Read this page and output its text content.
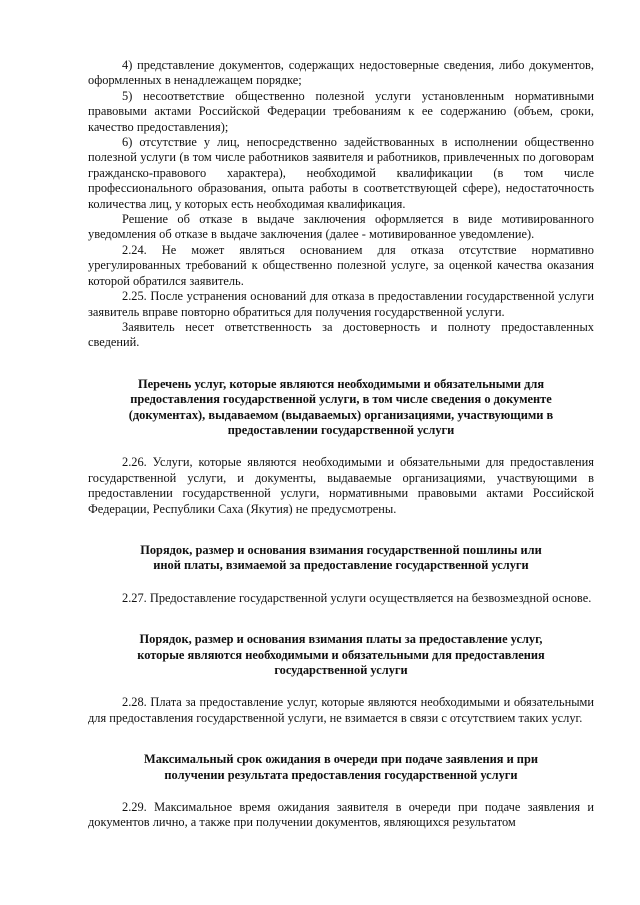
4) представление документов, содержащих недостоверные сведения, либо документов, оформленных в ненадлежащем порядке;

5) несоответствие общественно полезной услуги установленным нормативными правовыми актами Российской Федерации требованиям к ее содержанию (объем, сроки, качество предоставления);

6) отсутствие у лиц, непосредственно задействованных в исполнении общественно полезной услуги (в том числе работников заявителя и работников, привлеченных по договорам гражданско-правового характера), необходимой квалификации (в том числе профессионального образования, опыта работы в соответствующей сфере), недостаточность количества лиц, у которых есть необходимая квалификация.

Решение об отказе в выдаче заключения оформляется в виде мотивированного уведомления об отказе в выдаче заключения (далее - мотивированное уведомление).

2.24. Не может являться основанием для отказа отсутствие нормативно урегулированных требований к общественно полезной услуге, за оценкой качества оказания которой обратился заявитель.

2.25. После устранения оснований для отказа в предоставлении государственной услуги заявитель вправе повторно обратиться для получения государственной услуги.

Заявитель несет ответственность за достоверность и полноту предоставленных сведений.

Перечень услуг, которые являются необходимыми и обязательными для предоставления государственной услуги, в том числе сведения о документе (документах), выдаваемом (выдаваемых) организациями, участвующими в предоставлении государственной услуги

2.26. Услуги, которые являются необходимыми и обязательными для предоставления государственной услуги, и документы, выдаваемые организациями, участвующими в предоставлении государственной услуги, нормативными правовыми актами Российской Федерации, Республики Саха (Якутия) не предусмотрены.

Порядок, размер и основания взимания государственной пошлины или иной платы, взимаемой за предоставление государственной услуги

2.27. Предоставление государственной услуги осуществляется на безвозмездной основе.

Порядок, размер и основания взимания платы за предоставление услуг, которые являются необходимыми и обязательными для предоставления государственной услуги

2.28. Плата за предоставление услуг, которые являются необходимыми и обязательными для предоставления государственной услуги, не взимается в связи с отсутствием таких услуг.

Максимальный срок ожидания в очереди при подаче заявления и при получении результата предоставления государственной услуги

2.29. Максимальное время ожидания заявителя в очереди при подаче заявления и документов лично, а также при получении документов, являющихся результатом
